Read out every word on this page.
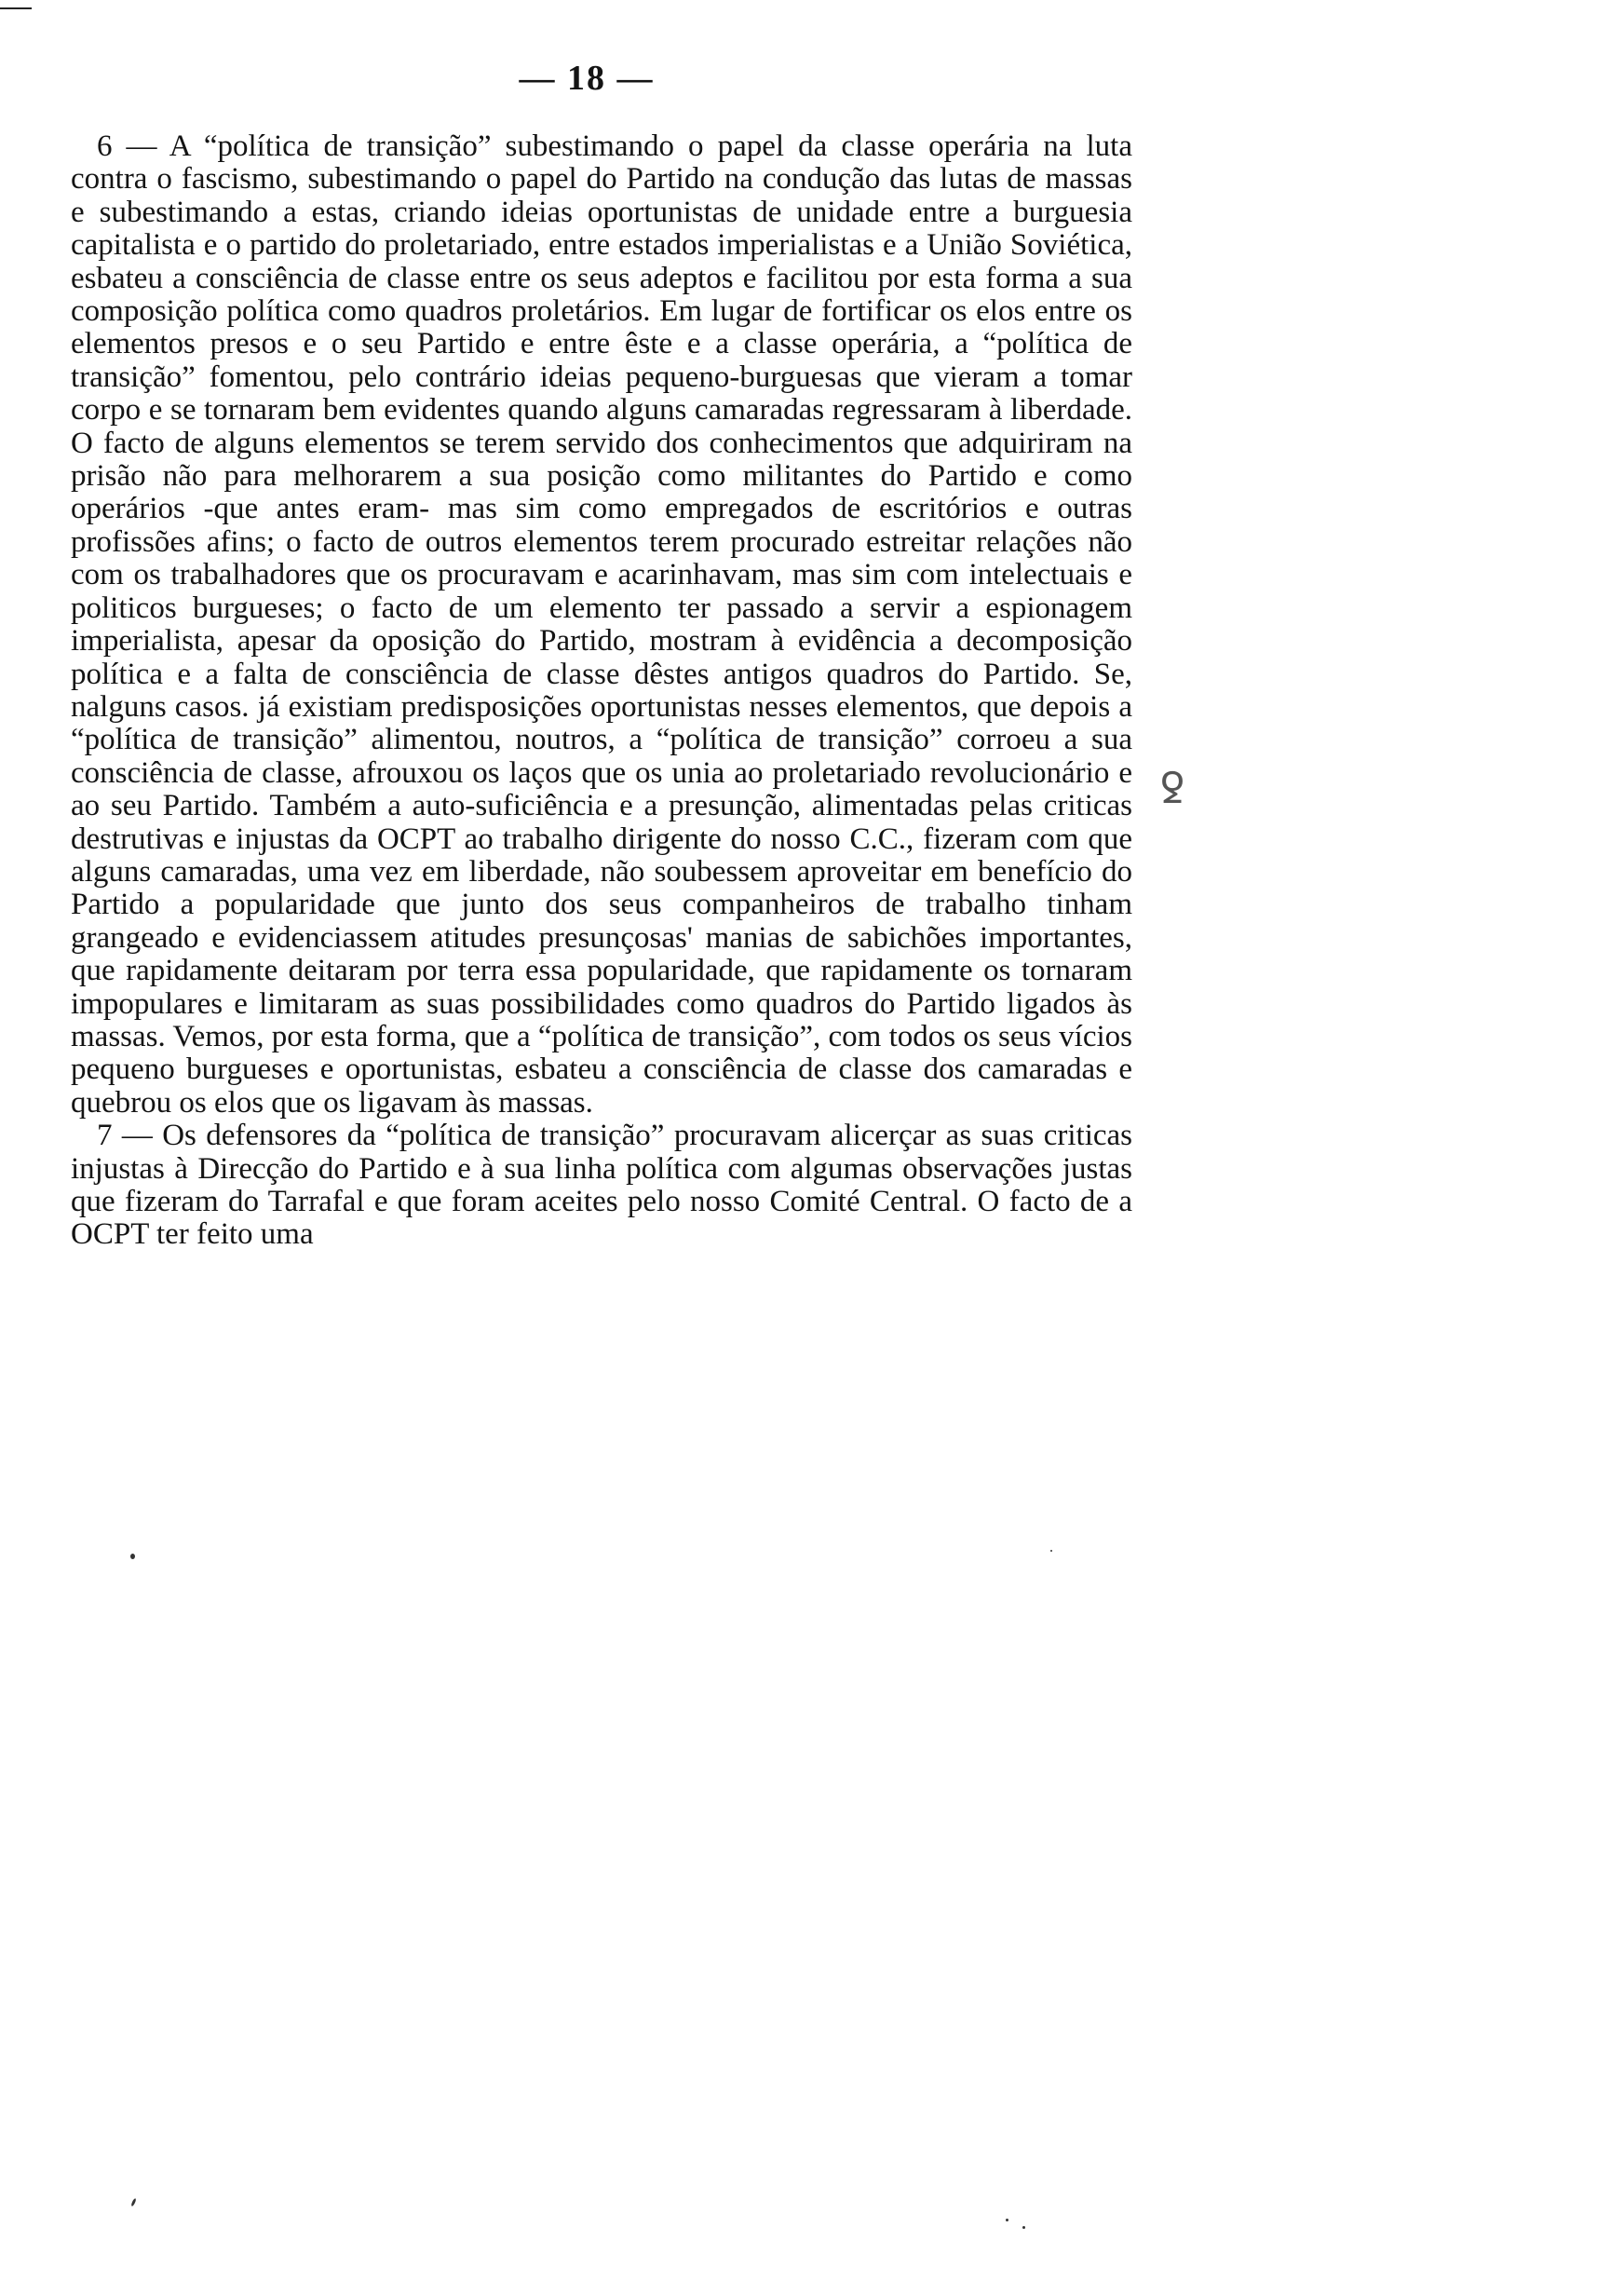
— 18 —

6 — A “política de transição” subestimando o papel da classe operária na luta contra o fascismo, subestimando o papel do Partido na condução das lutas de massas e subestimando a estas, criando ideias oportunistas de unidade entre a burguesia capitalista e o partido do proletariado, entre estados imperialistas e a União Soviética, esbateu a consciência de classe entre os seus adeptos e facilitou por esta forma a sua composição política como quadros proletários. Em lugar de fortificar os elos entre os elementos presos e o seu Partido e entre êste e a classe operária, a “política de transição” fomentou, pelo contrário ideias pequeno-burguesas que vieram a tomar corpo e se tornaram bem evidentes quando alguns camaradas regressaram à liberdade. O facto de alguns elementos se terem servido dos conhecimentos que adquiriram na prisão não para melhorarem a sua posição como militantes do Partido e como operários -que antes eram- mas sim como empregados de escritórios e outras profissões afins; o facto de outros elementos terem procurado estreitar relações não com os trabalhadores que os procuravam e acarinhavam, mas sim com intelectuais e politicos burgueses; o facto de um elemento ter passado a servir a espionagem imperialista, apesar da oposição do Partido, mostram à evidência a decomposição política e a falta de consciência de classe dêstes antigos quadros do Partido. Se, nalguns casos. já existiam predisposições oportunistas nesses elementos, que depois a “política de transição” alimentou, noutros, a “política de transição” corroeu a sua consciência de classe, afrouxou os laços que os unia ao proletariado revolucionário e ao seu Partido. Também a auto-suficiência e a presunção, alimentadas pelas criticas destrutivas e injustas da OCPT ao trabalho dirigente do nosso C.C., fizeram com que alguns camaradas, uma vez em liberdade, não soubessem aproveitar em benefício do Partido a popularidade que junto dos seus companheiros de trabalho tinham grangeado e evidenciassem atitudes presunçosas' manias de sabichões importantes, que rapidamente deitaram por terra essa popularidade, que rapidamente os tornaram impopulares e limitaram as suas possibilidades como quadros do Partido ligados às massas. Vemos, por esta forma, que a “política de transição”, com todos os seus vícios pequeno burgueses e oportunistas, esbateu a consciência de classe dos camaradas e quebrou os elos que os ligavam às massas.

7 — Os defensores da “política de transição” procuravam alicerçar as suas criticas injustas à Direcção do Partido e à sua linha política com algumas observações justas que fizeram do Tarrafal e que foram aceites pelo nosso Comité Central. O facto de a OCPT ter feito uma

ꝿ
